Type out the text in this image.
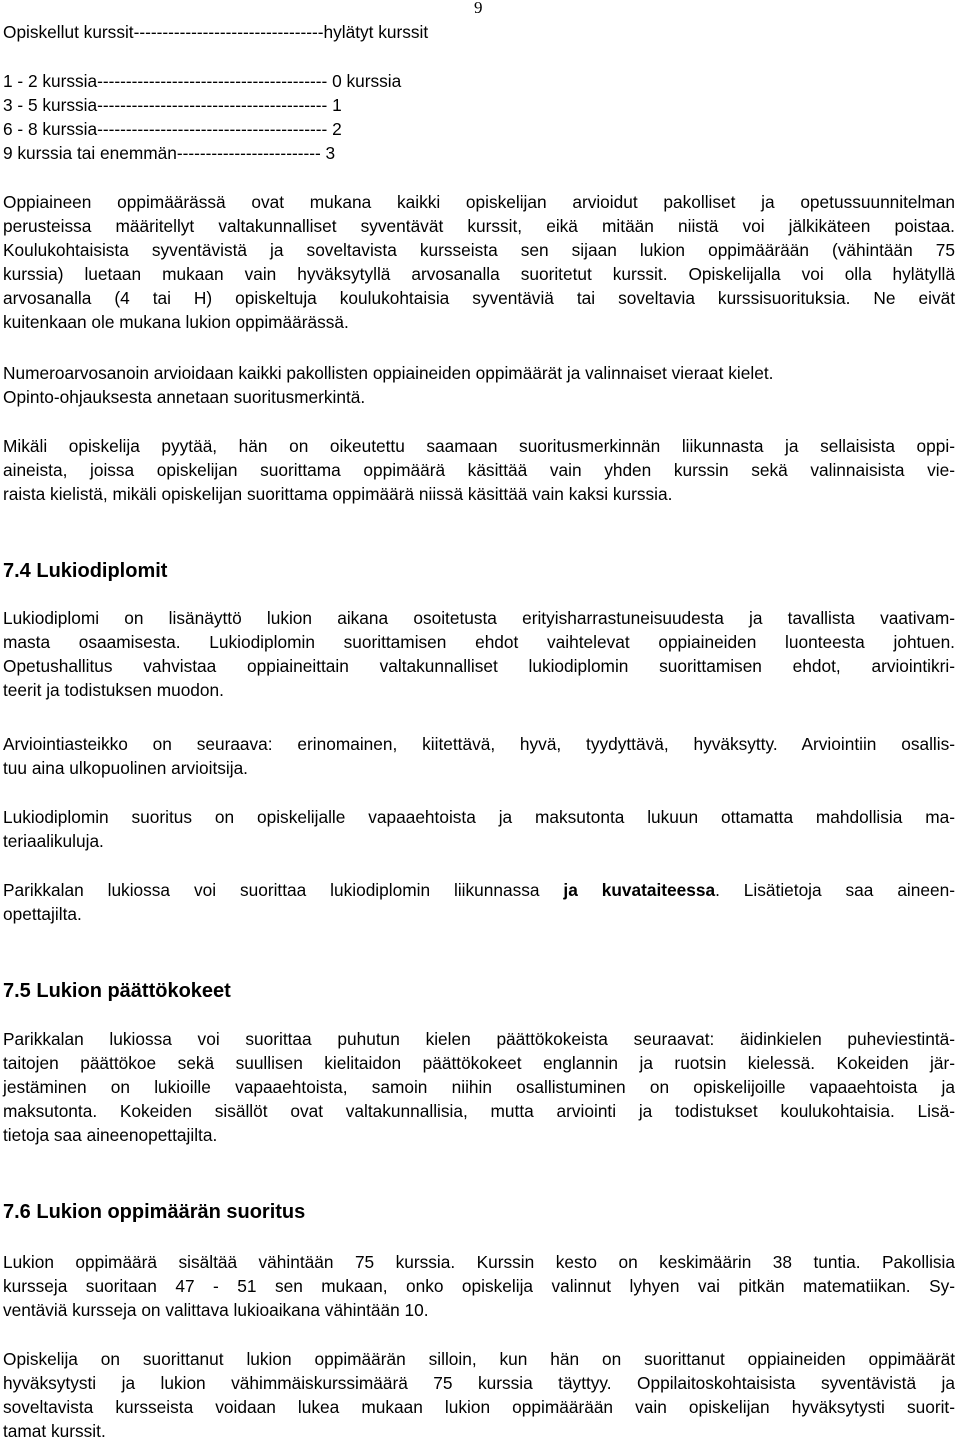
9
Opiskellut kurssit---------------------------------hylätyt kurssit
1 - 2 kurssia---------------------------------------- 0 kurssia
3 - 5 kurssia---------------------------------------- 1
6 - 8 kurssia---------------------------------------- 2
9 kurssia tai enemmän------------------------- 3
Oppiaineen oppimäärässä ovat mukana kaikki opiskelijan arvioidut pakolliset ja opetussuunnitelman
perusteissa määritellyt valtakunnalliset syventävät kurssit, eikä mitään niistä voi jälkikäteen poistaa.
Koulukohtaisista syventävistä ja soveltavista kursseista sen sijaan lukion oppimäärään (vähintään 75
kurssia) luetaan mukaan vain hyväksytyllä arvosanalla suoritetut kurssit. Opiskelijalla voi olla hylätyllä
arvosanalla (4 tai H) opiskeltuja koulukohtaisia syventäviä tai soveltavia kurssisuorituksia. Ne eivät
kuitenkaan ole mukana lukion oppimäärässä.
Numeroarvosanoin arvioidaan kaikki pakollisten oppiaineiden oppimäärät ja valinnaiset vieraat kielet.
Opinto-ohjauksesta annetaan suoritusmerkintä.
Mikäli opiskelija pyytää, hän on oikeutettu saamaan suoritusmerkinnän liikunnasta ja sellaisista oppi-
aineista, joissa opiskelijan suorittama oppimäärä käsittää vain yhden kurssin sekä valinnaisista vie-
raista kielistä, mikäli opiskelijan suorittama oppimäärä niissä käsittää vain kaksi kurssia.
7.4 Lukiodiplomit
Lukiodiplomi on lisänäyttö lukion aikana osoitetusta erityisharrastuneisuudesta ja tavallista vaativam-
masta osaamisesta. Lukiodiplomin suorittamisen ehdot vaihtelevat oppiaineiden luonteesta johtuen.
Opetushallitus vahvistaa oppiaineittain valtakunnalliset lukiodiplomin suorittamisen ehdot, arviointikri-
teerit ja todistuksen muodon.
Arviointiasteikko on seuraava: erinomainen, kiitettävä, hyvä, tyydyttävä, hyväksytty. Arviointiin osallis-
tuu aina ulkopuolinen arvioitsija.
Lukiodiplomin suoritus on opiskelijalle vapaaehtoista ja maksutonta lukuun ottamatta mahdollisia ma-
teriaalikuluja.
Parikkalan lukiossa voi suorittaa lukiodiplomin liikunnassa ja kuvataiteessa. Lisätietoja saa aineen-
opettajilta.
7.5 Lukion päättökokeet
Parikkalan lukiossa voi suorittaa puhutun kielen päättökokeista seuraavat: äidinkielen puheviestintä-
taitojen päättökoe sekä suullisen kielitaidon päättökokeet englannin ja ruotsin kielessä. Kokeiden jär-
jestäminen on lukioille vapaaehtoista, samoin niihin osallistuminen on opiskelijoille vapaaehtoista ja
maksutonta. Kokeiden sisällöt ovat valtakunnallisia, mutta arviointi ja todistukset koulukohtaisia. Lisä-
tietoja saa aineenopettajilta.
7.6 Lukion oppimäärän suoritus
Lukion oppimäärä sisältää vähintään 75 kurssia. Kurssin kesto on keskimäärin 38 tuntia. Pakollisia
kursseja suoritaan 47 - 51 sen mukaan, onko opiskelija valinnut lyhyen vai pitkän matematiikan. Sy-
ventäviä kursseja on valittava lukioaikana vähintään 10.
Opiskelija on suorittanut lukion oppimäärän silloin, kun hän on suorittanut oppiaineiden oppimäärät
hyväksytysti ja lukion vähimmäiskurssimäärä 75 kurssia täyttyy. Oppilaitoskohtaisista syventävistä ja
soveltavista kursseista voidaan lukea mukaan lukion oppimäärään vain opiskelijan hyväksytysti suorit-
tamat kurssit.
